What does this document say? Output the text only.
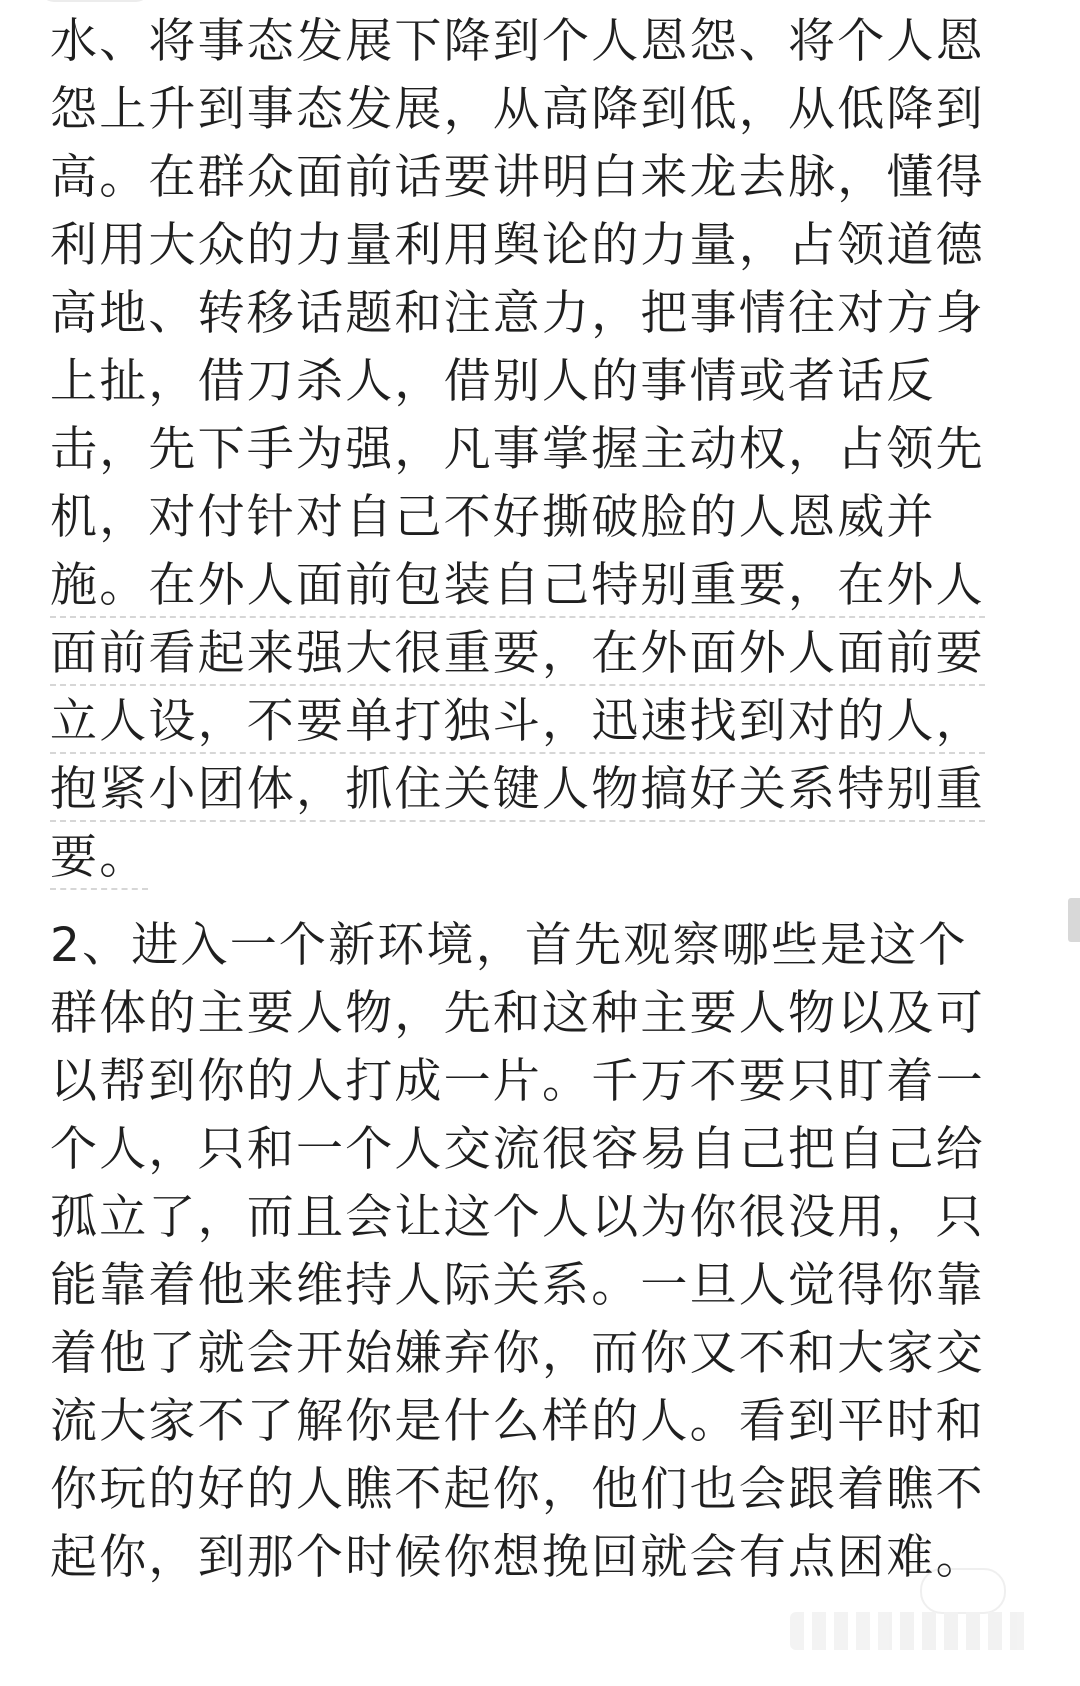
水、将事态发展下降到个人恩怨、将个人恩
怨上升到事态发展，从高降到低，从低降到
高。在群众面前话要讲明白来龙去脉，懂得
利用大众的力量利用舆论的力量，占领道德
高地、转移话题和注意力，把事情往对方身
上扯，借刀杀人，借别人的事情或者话反
击，先下手为强，凡事掌握主动权，占领先
机，对付针对自己不好撕破脸的人恩威并
施。在外人面前包装自己特别重要，在外人
面前看起来强大很重要，在外面外人面前要
立人设，不要单打独斗，迅速找到对的人，
抱紧小团体，抓住关键人物搞好关系特别重
要。
2、进入一个新环境，首先观察哪些是这个
群体的主要人物，先和这种主要人物以及可
以帮到你的人打成一片。千万不要只盯着一
个人，只和一个人交流很容易自己把自己给
孤立了，而且会让这个人以为你很没用，只
能靠着他来维持人际关系。一旦人觉得你靠
着他了就会开始嫌弃你，而你又不和大家交
流大家不了解你是什么样的人。看到平时和
你玩的好的人瞧不起你，他们也会跟着瞧不
起你，到那个时候你想挽回就会有点困难。
